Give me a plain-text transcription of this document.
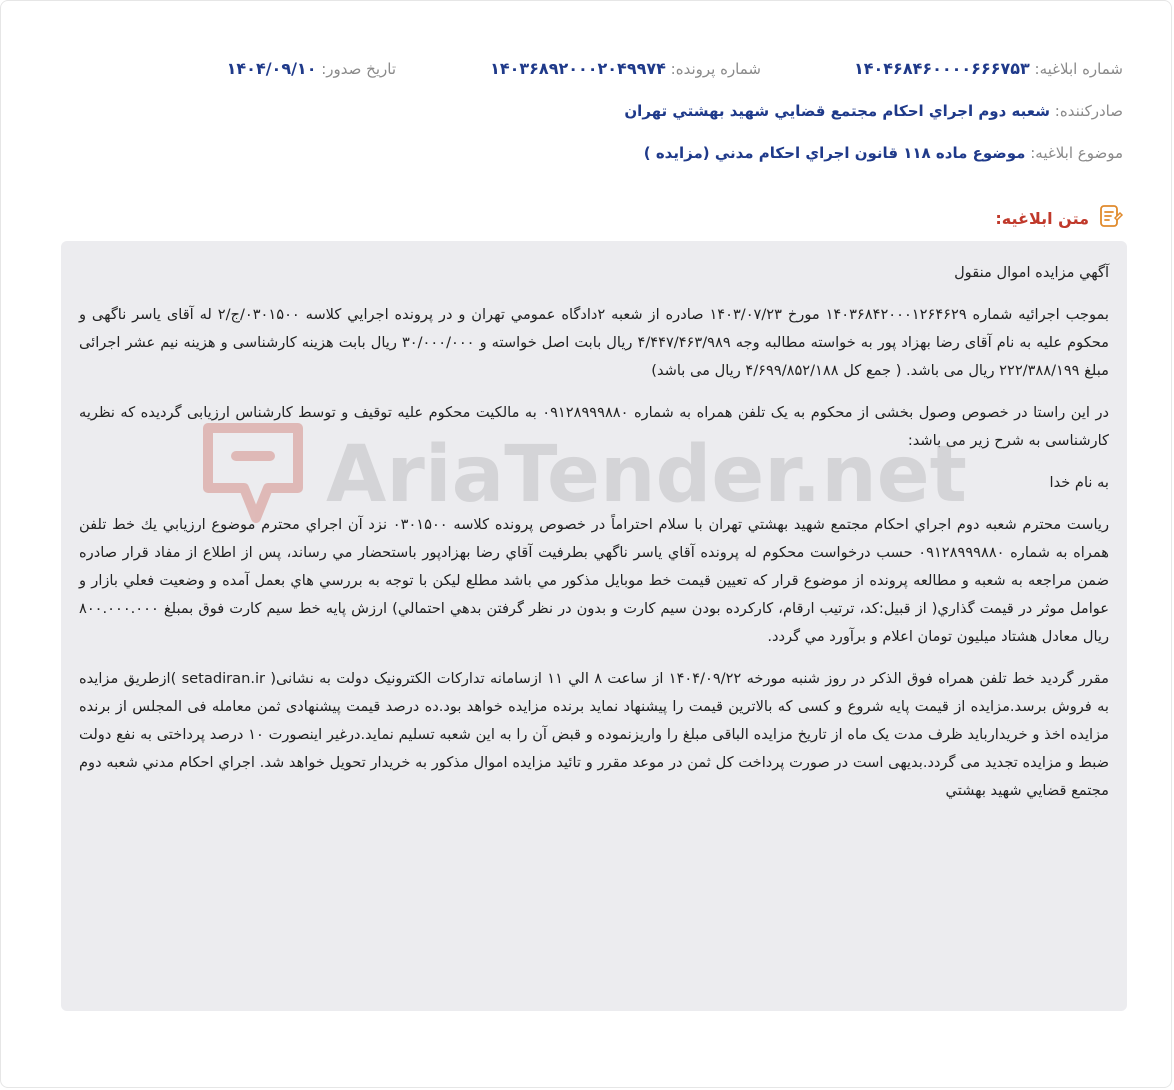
شماره ابلاغيه: ۱۴۰۴۶۸۴۶۰۰۰۰۶۶۶۷۵۳
شماره پرونده: ۱۴۰۳۶۸۹۲۰۰۰۲۰۴۹۹۷۴
تاريخ صدور: ۱۴۰۴/۰۹/۱۰
صادركننده: شعبه دوم اجراي احكام مجتمع قضايي شهيد بهشتي تهران
موضوع ابلاغيه: موضوع ماده ۱۱۸ قانون اجراي احكام مدني (مزايده )
متن ابلاغيه:

آگهي مزايده اموال منقول

بموجب اجرائيه شماره ۱۴۰۳۶۸۴۲۰۰۰۱۲۶۴۶۲۹ مورخ ۱۴۰۳/۰۷/۲۳ صادره از شعبه ۲دادگاه عمومي تهران و در پرونده اجرايي كلاسه ۰۳۰۱۵۰۰/ج/۲ له آقای یاسر ناگهی و محکوم علیه به نام آقای رضا بهزاد پور به خواسته مطالبه وجه ۴/۴۴۷/۴۶۳/۹۸۹ ریال بابت اصل خواسته و ۳۰/۰۰۰/۰۰۰ ریال بابت هزینه کارشناسی و هزینه نیم عشر اجرائی مبلغ ۲۲۲/۳۸۸/۱۹۹ ریال می باشد. ( جمع کل ۴/۶۹۹/۸۵۲/۱۸۸ ریال می باشد)

در این راستا در خصوص وصول بخشی از محکوم به یک تلفن همراه به شماره ۰۹۱۲۸۹۹۹۸۸۰ به مالکیت محکوم علیه توقیف و توسط کارشناس ارزیابی گردیده که نظریه کارشناسی به شرح زیر می باشد:

به نام خدا

رياست محترم شعبه دوم اجراي احكام مجتمع شهيد بهشتي تهران با سلام احتراماً در خصوص پرونده كلاسه ۰۳۰۱۵۰۰ نزد آن اجراي محترم موضوع ارزيابي يك خط تلفن همراه به شماره ۰۹۱۲۸۹۹۹۸۸۰ حسب درخواست محكوم له پرونده آقاي ياسر ناگهي بطرفيت آقاي رضا بهزادپور باستحضار مي رساند، پس از اطلاع از مفاد قرار صادره ضمن مراجعه به شعبه و مطالعه پرونده از موضوع قرار كه تعيين قيمت خط موبايل مذكور مي باشد مطلع ليكن با توجه به بررسي هاي بعمل آمده و وضعيت فعلي بازار و عوامل موثر در قيمت گذاري( از قبيل:كد، ترتيب ارقام، كاركرده بودن سيم كارت و بدون در نظر گرفتن بدهي احتمالي) ارزش پايه خط سيم كارت فوق بمبلغ ۸۰۰.۰۰۰.۰۰۰ ريال معادل هشتاد ميليون تومان اعلام و برآورد مي گردد.

مقرر گردید خط تلفن همراه فوق الذکر در روز شنبه مورخه ۱۴۰۴/۰۹/۲۲ از ساعت ۸ الي ۱۱ ازسامانه تدارکات الکترونیک دولت به نشانی( setadiran.ir )ازطریق مزایده به فروش برسد.مزایده از قیمت پایه شروع و کسی که بالاترین قیمت را پیشنهاد نماید برنده مزایده خواهد بود.ده درصد قیمت پیشنهادی ثمن معامله فی المجلس از برنده مزایده اخذ و خریداربايد ظرف مدت یک ماه از تاریخ مزایده الباقی مبلغ را واریزنموده و قبض آن را به این شعبه تسلیم نماید.درغیر اینصورت ۱۰ درصد پرداختی به نفع دولت ضبط و مزایده تجدید می گردد.بدیهی است در صورت پرداخت کل ثمن در موعد مقرر و تائید مزایده اموال مذکور به خریدار تحویل خواهد شد. اجراي احكام مدني شعبه دوم مجتمع قضايي شهيد بهشتي

AriaTender.net
